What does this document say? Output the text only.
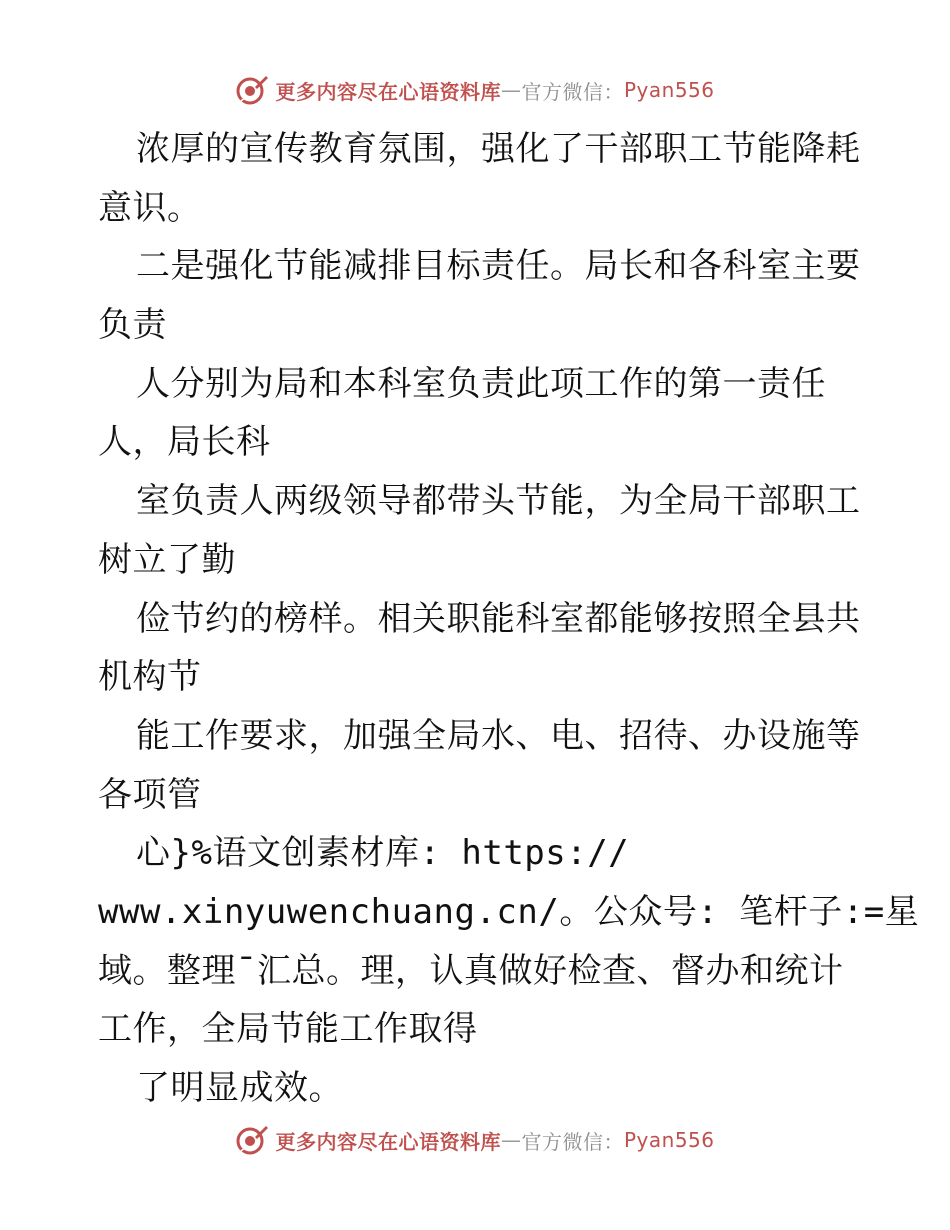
更多内容尽在心语资料库 — 官方微信： Pyan556
浓厚的宣传教育氛围，强化了干部职工节能降耗
意识。
二是强化节能减排目标责任。局长和各科室主要
负责
人分别为局和本科室负责此项工作的第一责任
人，局长科
室负责人两级领导都带头节能，为全局干部职工
树立了勤
俭节约的榜样。相关职能科室都能够按照全县共
机构节
能工作要求，加强全局水、电、招待、办设施等
各项管
心}%语文创素材库: https://
www.xinyuwenchuang.cn/。公众号: 笔杆子:=星
域。整理¯汇总。理，认真做好检查、督办和统计
工作，全局节能工作取得
了明显成效。
更多内容尽在心语资料库 — 官方微信： Pyan556
